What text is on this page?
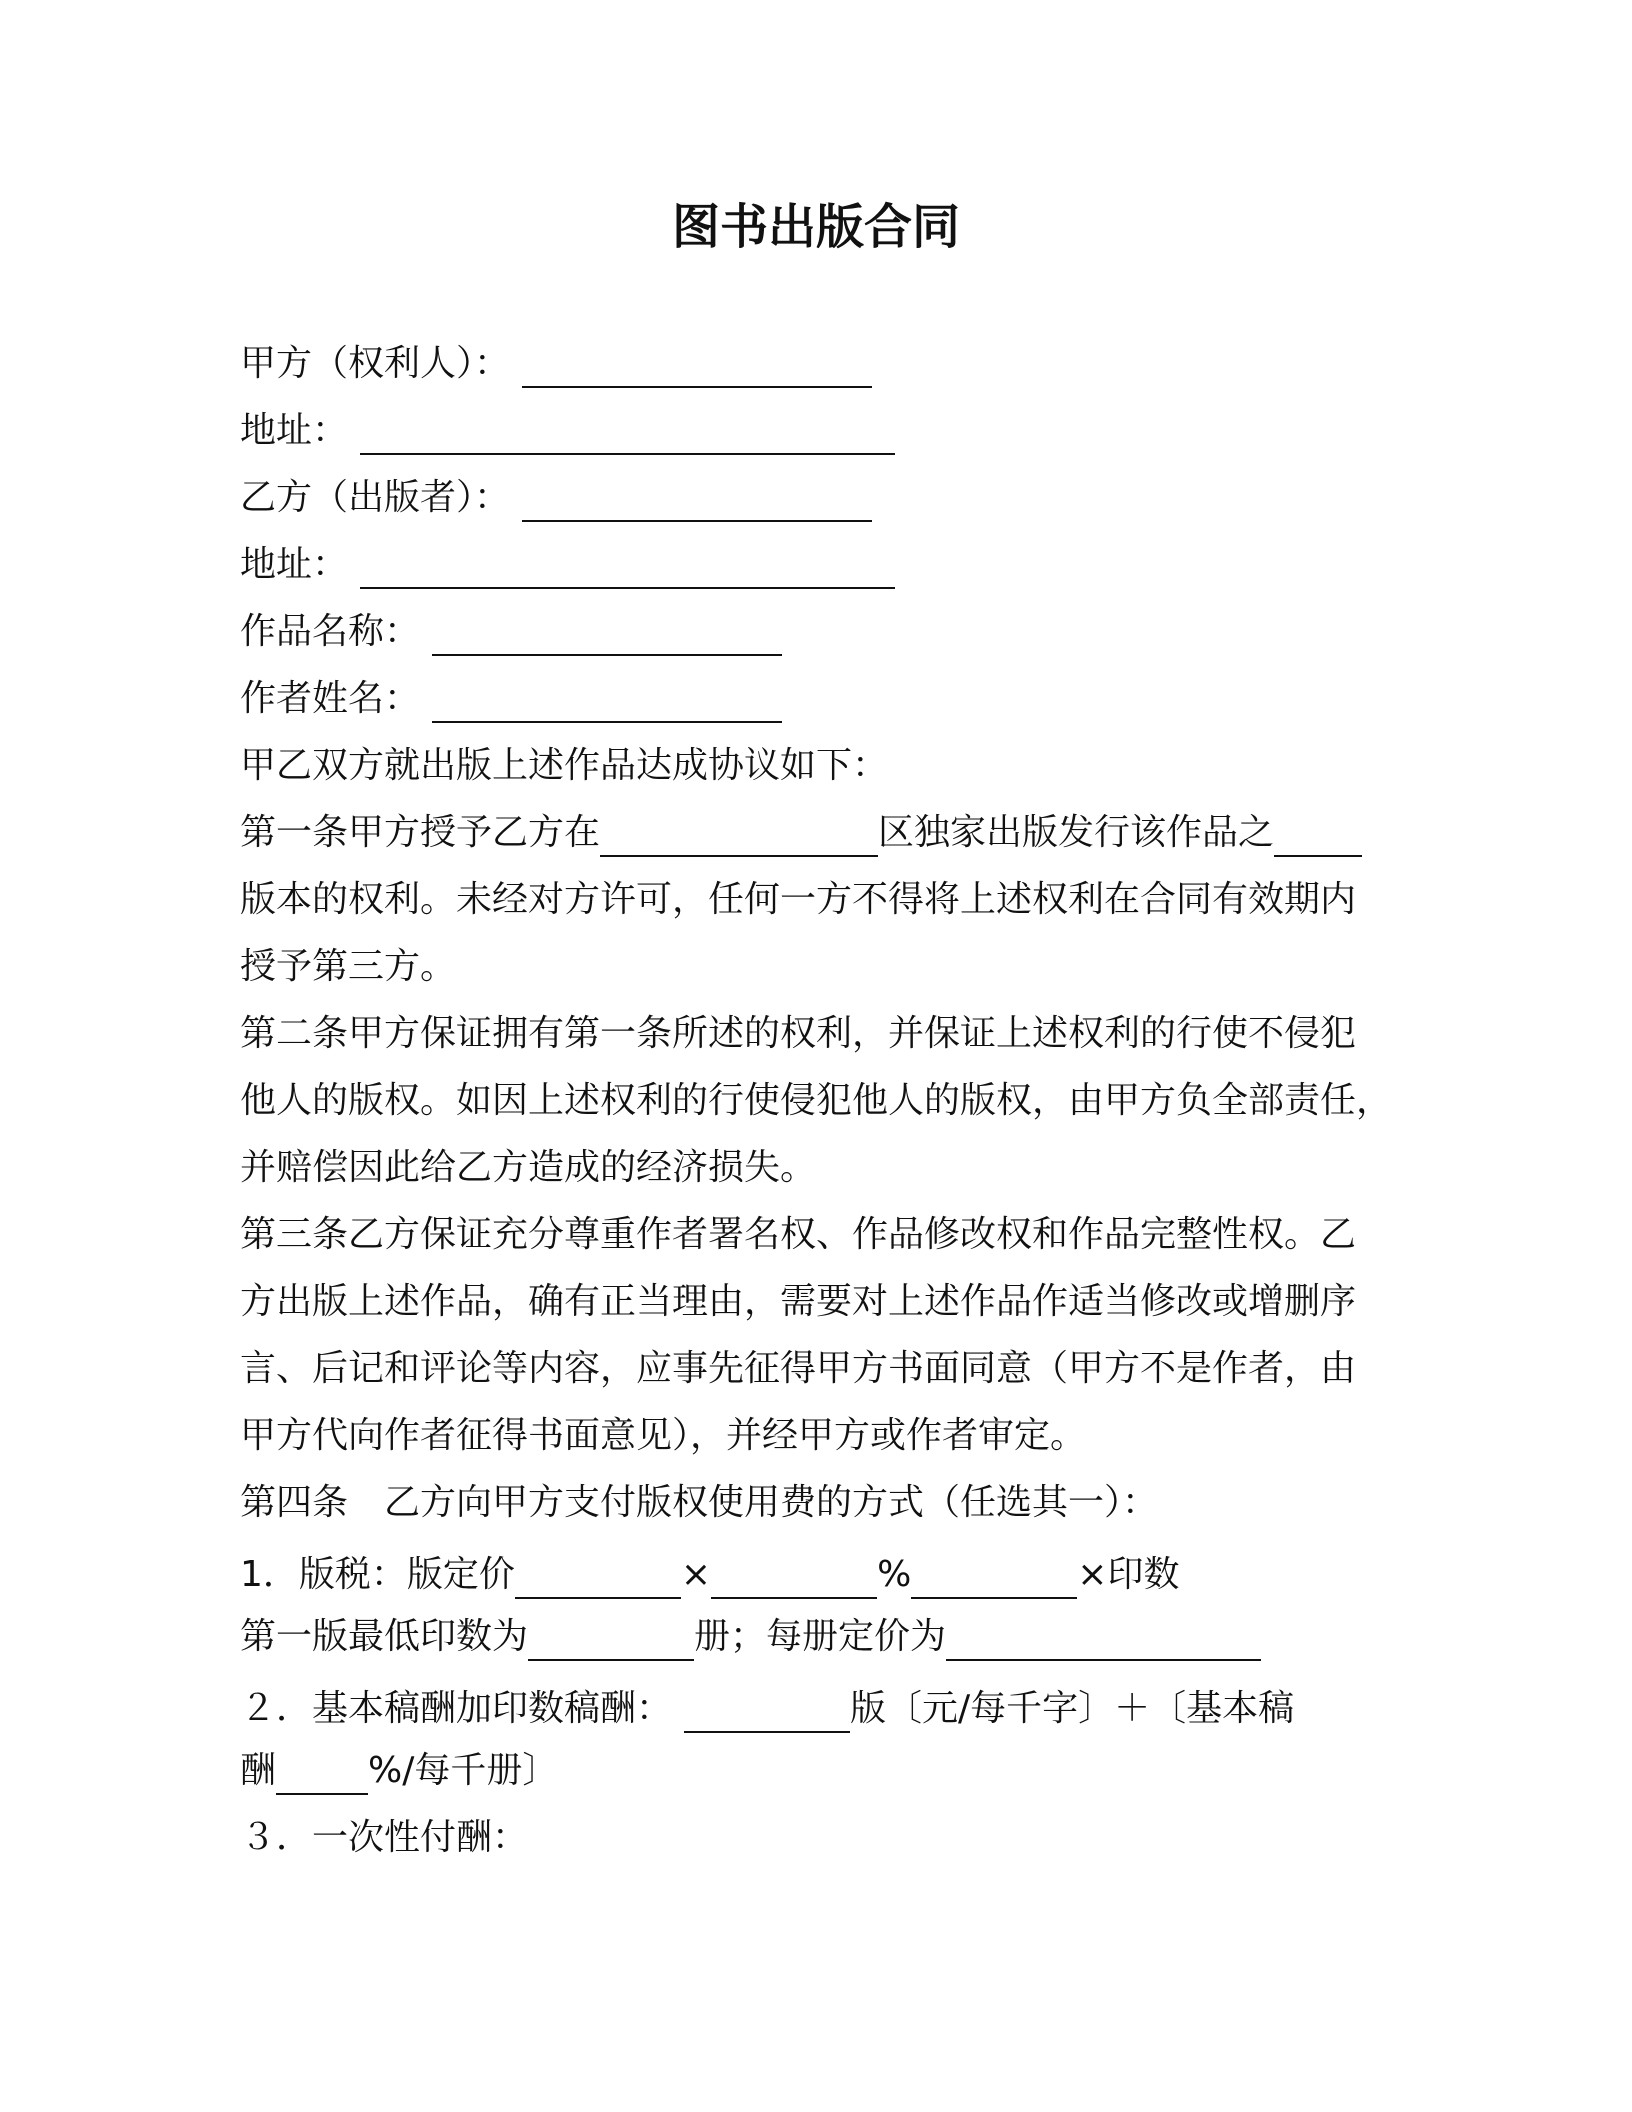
图书出版合同
甲方（权利人）：
地址：
乙方（出版者）：
地址：
作品名称：
作者姓名：
甲乙双方就出版上述作品达成协议如下：
第一条甲方授予乙方在	区独家出版发行该作品之
版本的权利。未经对方许可，任何一方不得将上述权利在合同有效期内
授予第三方。
第二条甲方保证拥有第一条所述的权利，并保证上述权利的行使不侵犯
他人的版权。如因上述权利的行使侵犯他人的版权，由甲方负全部责任，
并赔偿因此给乙方造成的经济损失。
第三条乙方保证充分尊重作者署名权、作品修改权和作品完整性权。乙
方出版上述作品，确有正当理由，需要对上述作品作适当修改或增删序
言、后记和评论等内容，应事先征得甲方书面同意（甲方不是作者，由
甲方代向作者征得书面意见），并经甲方或作者审定。
第四条　乙方向甲方支付版权使用费的方式（任选其一）：
1．版税：版定价	×	%	×印数
第一版最低印数为	册；每册定价为
２．基本稿酬加印数稿酬：	版〔元/每千字〕＋〔基本稿
酬	%/每千册〕
３．一次性付酬：
